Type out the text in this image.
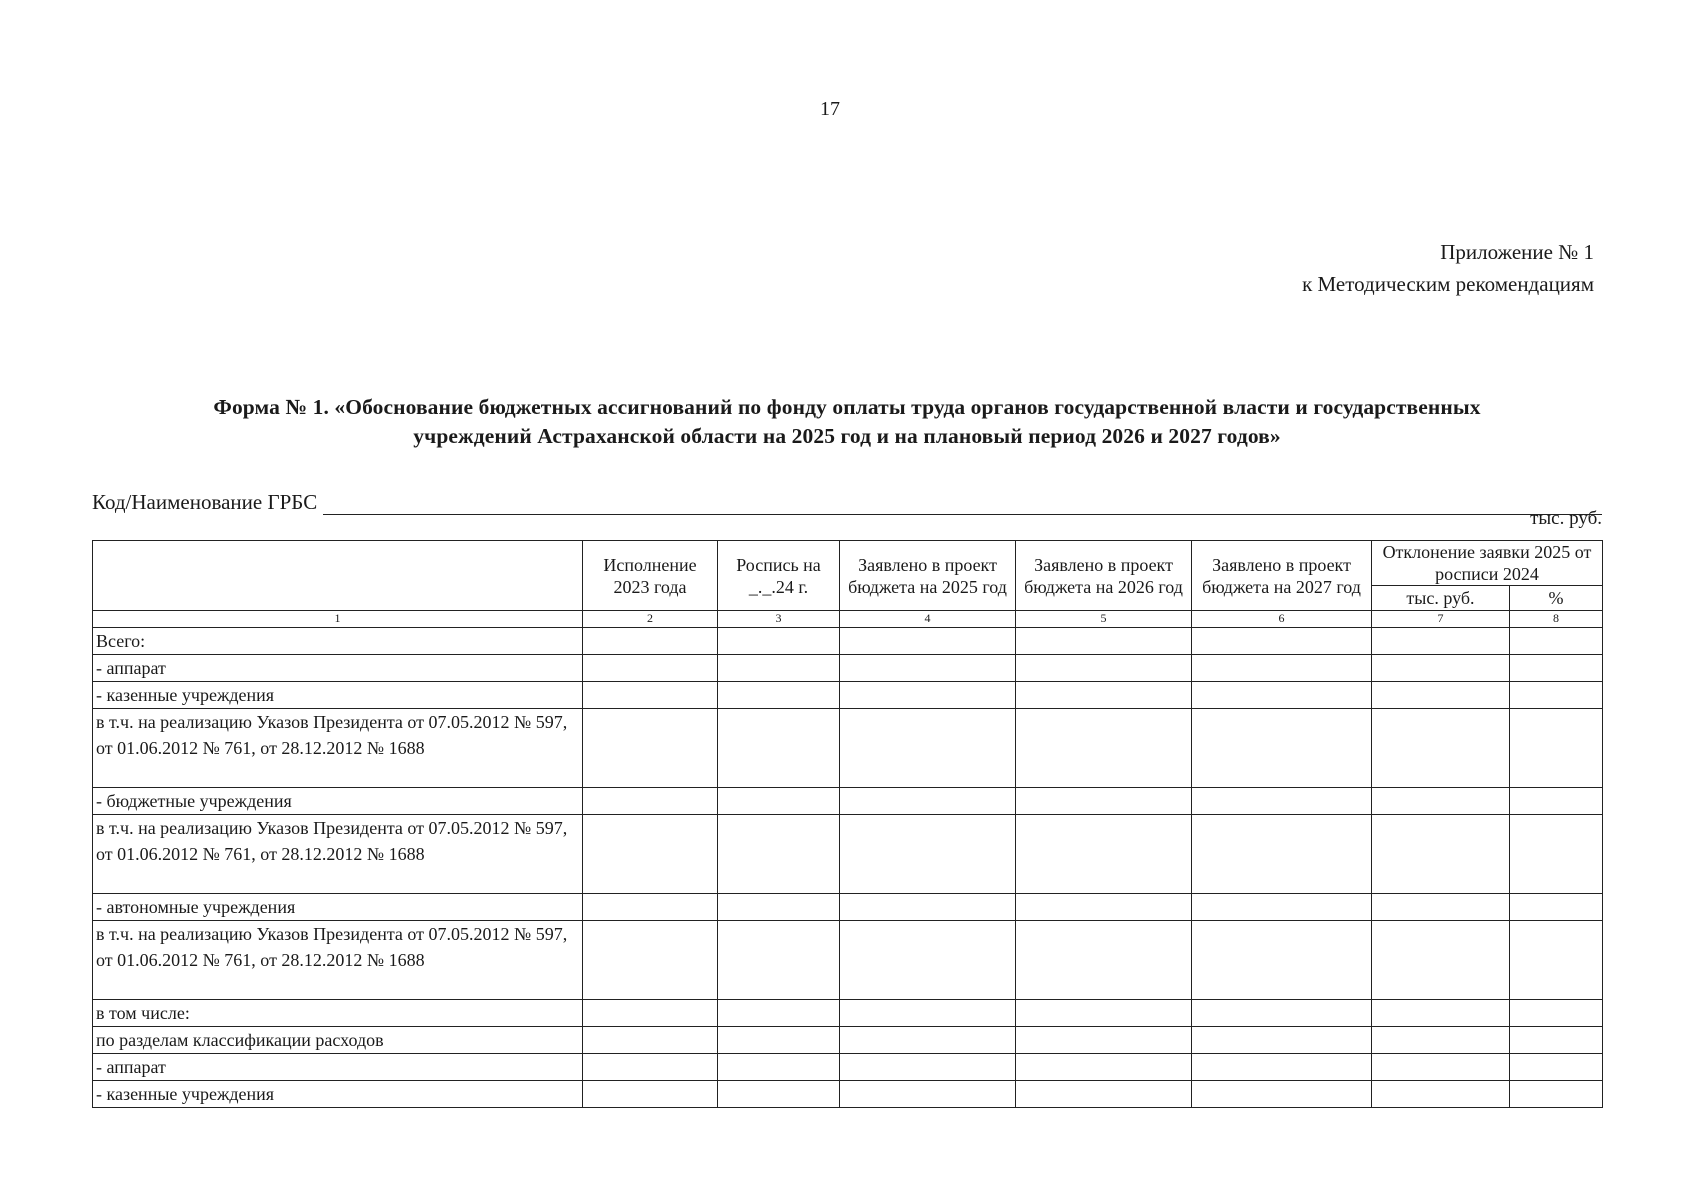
17
Приложение № 1
к Методическим рекомендациям
Форма № 1. «Обоснование бюджетных ассигнований по фонду оплаты труда органов государственной власти и государственных
учреждений Астраханской области на 2025 год и на плановый период 2026 и 2027 годов»
Код/Наименование ГРБС
тыс. руб.
	Исполнение 2023 года	Роспись на _._.24 г.	Заявлено в проект бюджета на 2025 год	Заявлено в проект бюджета на 2026 год	Заявлено в проект бюджета на 2027 год	Отклонение заявки 2025 от росписи 2024	
						тыс. руб.	%
1	2	3	4	5	6	7	8
Всего:							
- аппарат							
- казенные учреждения							
в т.ч. на реализацию Указов Президента от 07.05.2012 № 597, от 01.06.2012 № 761, от 28.12.2012 № 1688							
- бюджетные учреждения							
в т.ч. на реализацию Указов Президента от 07.05.2012 № 597, от 01.06.2012 № 761, от 28.12.2012 № 1688							
- автономные учреждения							
в т.ч. на реализацию Указов Президента от 07.05.2012 № 597, от 01.06.2012 № 761, от 28.12.2012 № 1688							
в том числе:							
по разделам классификации расходов							
- аппарат							
- казенные учреждения							
